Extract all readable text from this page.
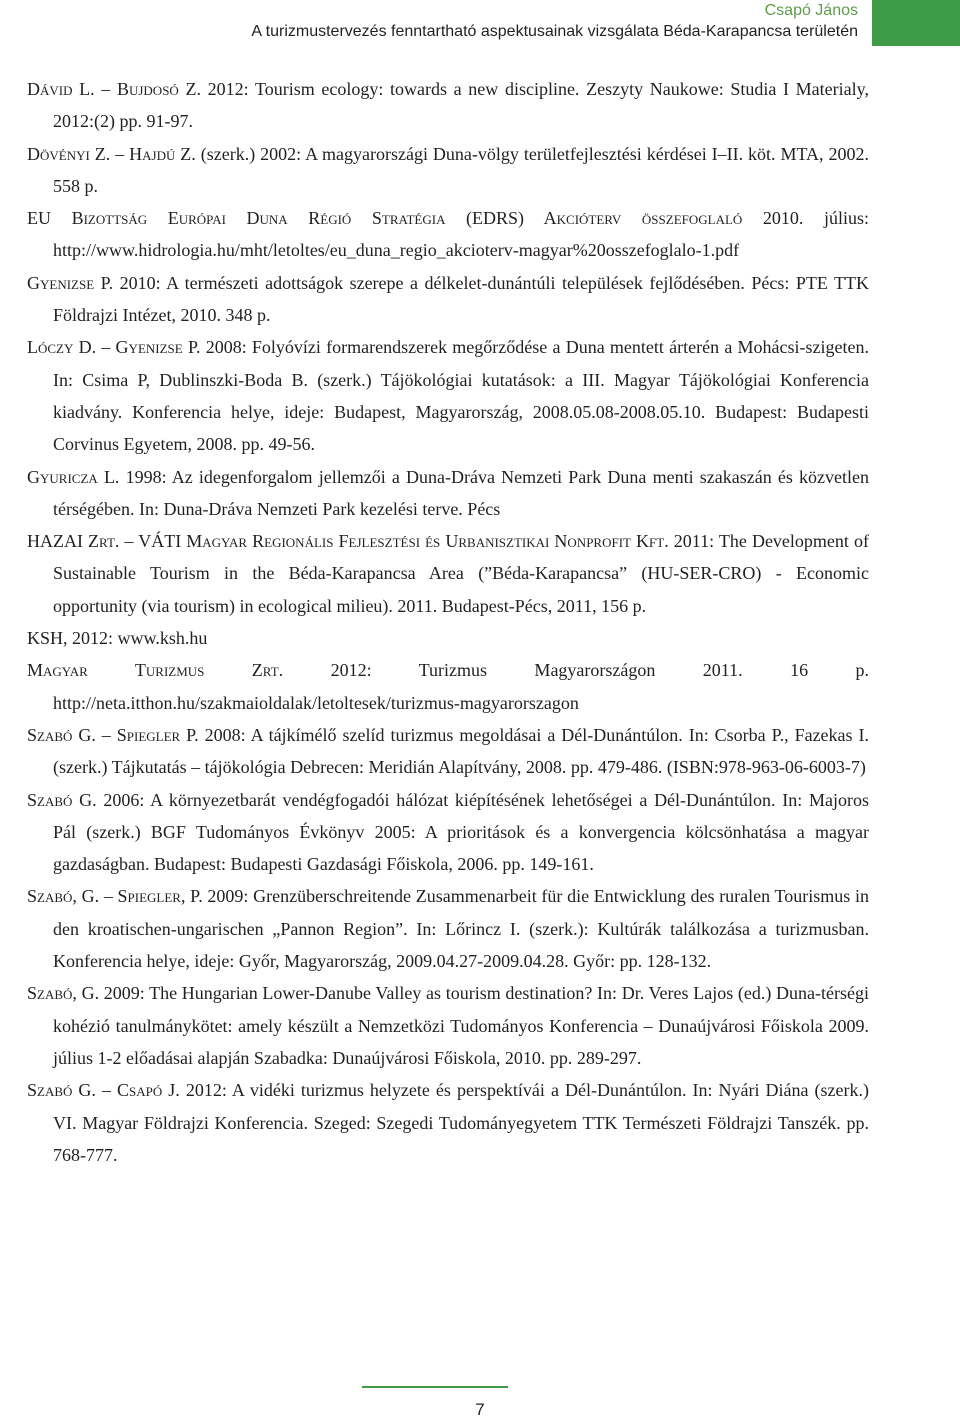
Csapó János
A turizmustervezés fenntartható aspektusainak vizsgálata Béda-Karapancsa területén
Dávid L. – Bujdosó Z. 2012: Tourism ecology: towards a new discipline. Zeszyty Naukowe: Studia I Materialy, 2012:(2) pp. 91-97.
Dövényi Z. – Hajdú Z. (szerk.) 2002: A magyarországi Duna-völgy területfejlesztési kérdései I–II. köt. MTA, 2002. 558 p.
EU Bizottság Európai Duna Régió Stratégia (EDRS) Akcióterv összefoglaló 2010. július: http://www.hidrologia.hu/mht/letoltes/eu_duna_regio_akcioterv-magyar%20osszefoglalo-1.pdf
Gyenizse P. 2010: A természeti adottságok szerepe a délkelet-dunántúli települések fejlődésében. Pécs: PTE TTK Földrajzi Intézet, 2010. 348 p.
Lóczy D. – Gyenizse P. 2008: Folyóvízi formarendszerek megőrződése a Duna mentett árterén a Mohácsi-szigeten. In: Csima P, Dublinszki-Boda B. (szerk.) Tájökológiai kutatások: a III. Magyar Tájökológiai Konferencia kiadvány. Konferencia helye, ideje: Budapest, Magyarország, 2008.05.08-2008.05.10. Budapest: Budapesti Corvinus Egyetem, 2008. pp. 49-56.
Gyuricza L. 1998: Az idegenforgalom jellemzői a Duna-Dráva Nemzeti Park Duna menti szakaszán és közvetlen térségében. In: Duna-Dráva Nemzeti Park kezelési terve. Pécs
HAZAI Zrt. – VÁTI Magyar Regionális Fejlesztési és Urbanisztikai Nonprofit Kft. 2011: The Development of Sustainable Tourism in the Béda-Karapancsa Area (”Béda-Karapancsa” (HU-SER-CRO) - Economic opportunity (via tourism) in ecological milieu). 2011. Budapest-Pécs, 2011, 156 p.
KSH, 2012: www.ksh.hu
Magyar Turizmus Zrt. 2012: Turizmus Magyarországon 2011. 16 p. http://neta.itthon.hu/szakmaioldalak/letoltesek/turizmus-magyarorszagon
Szabó G. – Spiegler P. 2008: A tájkímélő szelíd turizmus megoldásai a Dél-Dunántúlon. In: Csorba P., Fazekas I. (szerk.) Tájkutatás – tájökológia Debrecen: Meridián Alapítvány, 2008. pp. 479-486. (ISBN:978-963-06-6003-7)
Szabó G. 2006: A környezetbarát vendégfogadói hálózat kiépítésének lehetőségei a Dél-Dunántúlon. In: Majoros Pál (szerk.) BGF Tudományos Évkönyv 2005: A prioritások és a konvergencia kölcsönhatása a magyar gazdaságban. Budapest: Budapesti Gazdasági Főiskola, 2006. pp. 149-161.
Szabó, G. – Spiegler, P. 2009: Grenzüberschreitende Zusammenarbeit für die Entwicklung des ruralen Tourismus in den kroatischen-ungarischen „Pannon Region”. In: Lőrincz I. (szerk.): Kultúrák találkozása a turizmusban. Konferencia helye, ideje: Győr, Magyarország, 2009.04.27-2009.04.28. Győr: pp. 128-132.
Szabó, G. 2009: The Hungarian Lower-Danube Valley as tourism destination? In: Dr. Veres Lajos (ed.) Duna-térségi kohézió tanulmánykötet: amely készült a Nemzetközi Tudományos Konferencia – Dunaújvárosi Főiskola 2009. július 1-2 előadásai alapján Szabadka: Dunaújvárosi Főiskola, 2010. pp. 289-297.
Szabó G. – Csapó J. 2012: A vidéki turizmus helyzete és perspektívái a Dél-Dunántúlon. In: Nyári Diána (szerk.) VI. Magyar Földrajzi Konferencia. Szeged: Szegedi Tudományegyetem TTK Természeti Földrajzi Tanszék. pp. 768-777.
7
